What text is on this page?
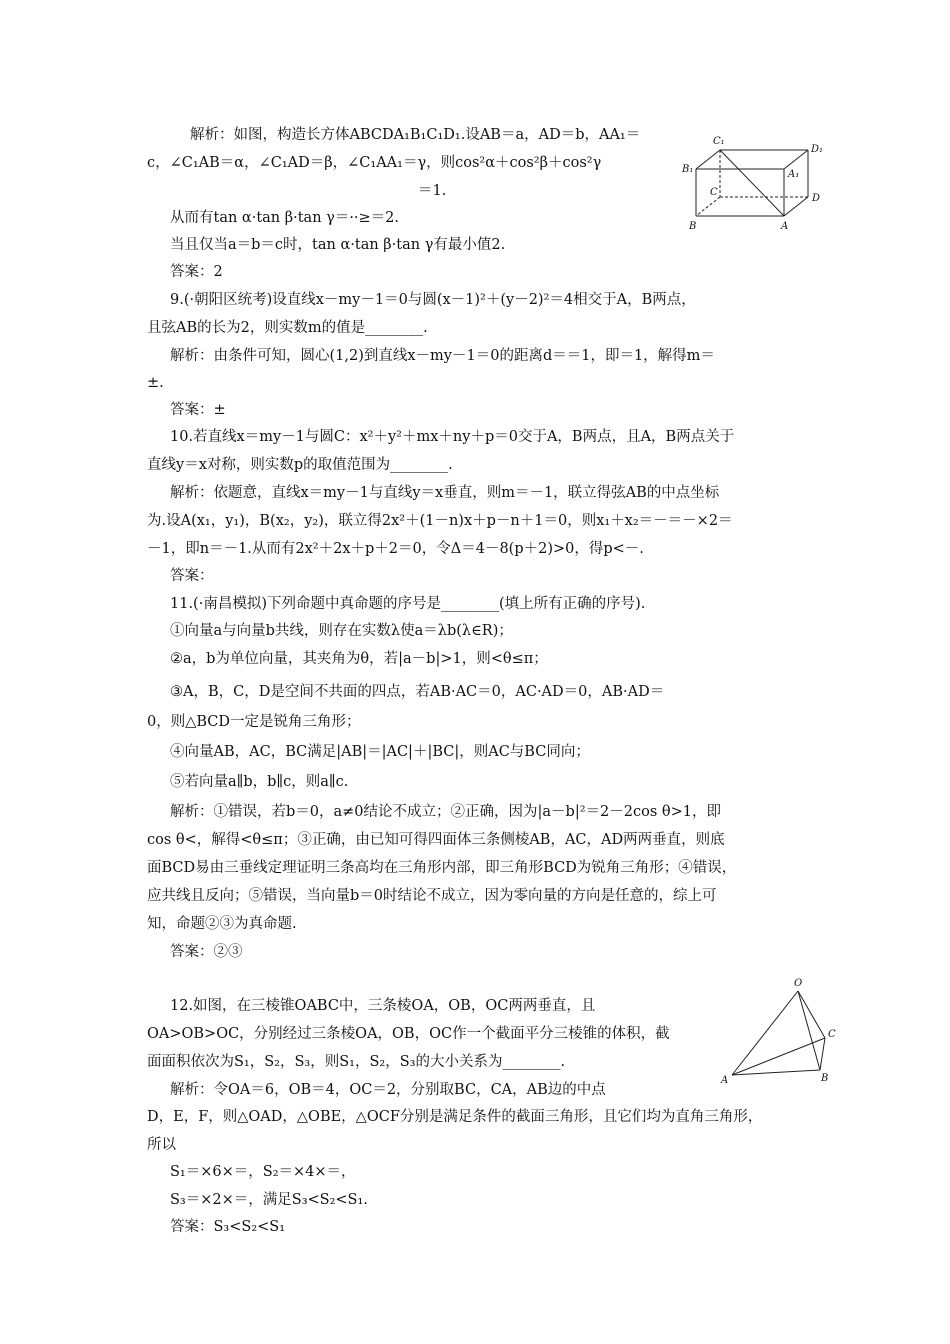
解析：如图，构造长方体ABCDA₁B₁C₁D₁.设AB＝a，AD＝b，AA₁＝
c，∠C₁AB＝α，∠C₁AD＝β，∠C₁AA₁＝γ，则cos²α＋cos²β＋cos²γ
＝1.
从而有tan α·tan β·tan γ＝··≥＝2.
当且仅当a＝b＝c时，tan α·tan β·tan γ有最小值2.
答案：2
C₁
D₁
B₁	A₁
C
D
B	A
9.(·朝阳区统考)设直线x－my－1＝0与圆(x－1)²＋(y－2)²＝4相交于A，B两点，
且弦AB的长为2，则实数m的值是________.
解析：由条件可知，圆心(1,2)到直线x－my－1＝0的距离d＝＝1，即＝1，解得m＝
±.
答案：±
10.若直线x＝my－1与圆C：x²＋y²＋mx＋ny＋p＝0交于A，B两点，且A，B两点关于
直线y＝x对称，则实数p的取值范围为________.
解析：依题意，直线x＝my－1与直线y＝x垂直，则m＝－1，联立得弦AB的中点坐标
为.设A(x₁，y₁)，B(x₂，y₂)，联立得2x²＋(1－n)x＋p－n＋1＝0，则x₁＋x₂＝－＝－×2＝
－1，即n＝－1.从而有2x²＋2x＋p＋2＝0，令Δ＝4－8(p＋2)>0，得p<－.
答案：
11.(·南昌模拟)下列命题中真命题的序号是________(填上所有正确的序号).
①向量a与向量b共线，则存在实数λ使a＝λb(λ∈R)；
②a，b为单位向量，其夹角为θ，若|a－b|>1，则<θ≤π；
③A，B，C，D是空间不共面的四点，若AB·AC＝0，AC·AD＝0，AB·AD＝
0，则△BCD一定是锐角三角形；
④向量AB，AC，BC满足|AB|＝|AC|＋|BC|，则AC与BC同向；
⑤若向量a∥b，b∥c，则a∥c.
解析：①错误，若b＝0，a≠0结论不成立；②正确，因为|a－b|²＝2－2cos θ>1，即
cos θ<，解得<θ≤π；③正确，由已知可得四面体三条侧棱AB，AC，AD两两垂直，则底
面BCD易由三垂线定理证明三条高均在三角形内部，即三角形BCD为锐角三角形；④错误，
应共线且反向；⑤错误，当向量b＝0时结论不成立，因为零向量的方向是任意的，综上可
知，命题②③为真命题.
答案：②③
12.如图，在三棱锥OABC中，三条棱OA，OB，OC两两垂直，且
OA>OB>OC，分别经过三条棱OA，OB，OC作一个截面平分三棱锥的体积，截
面面积依次为S₁，S₂，S₃，则S₁，S₂，S₃的大小关系为________.
解析：令OA＝6，OB＝4，OC＝2，分别取BC，CA，AB边的中点
D，E，F，则△OAD，△OBE，△OCF分别是满足条件的截面三角形，且它们均为直角三角形，
所以
S₁＝×6×＝，S₂＝×4×＝，
S₃＝×2×＝，满足S₃<S₂<S₁.
答案：S₃<S₂<S₁
O
C
A	B
